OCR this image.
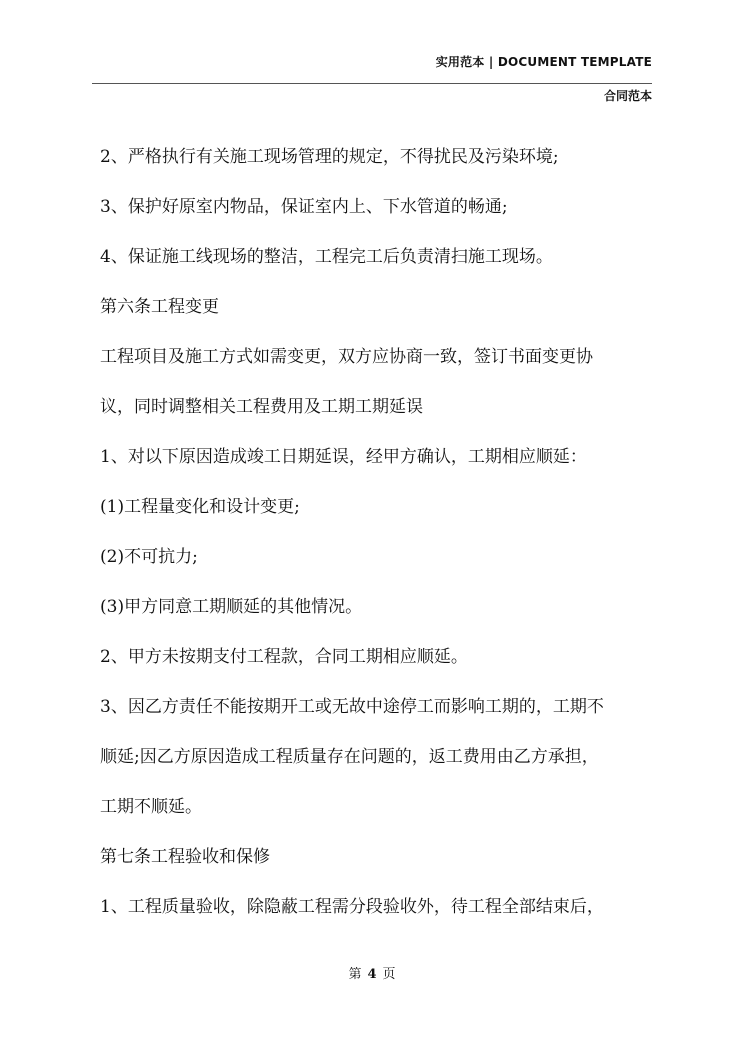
实用范本 | DOCUMENT TEMPLATE
合同范本

2、严格执行有关施工现场管理的规定，不得扰民及污染环境;

3、保护好原室内物品，保证室内上、下水管道的畅通;

4、保证施工线现场的整洁，工程完工后负责清扫施工现场。

第六条工程变更

工程项目及施工方式如需变更，双方应协商一致，签订书面变更协

议，同时调整相关工程费用及工期工期延误

1、对以下原因造成竣工日期延误，经甲方确认，工期相应顺延：

(1)工程量变化和设计变更;

(2)不可抗力;

(3)甲方同意工期顺延的其他情况。

2、甲方未按期支付工程款，合同工期相应顺延。

3、因乙方责任不能按期开工或无故中途停工而影响工期的，工期不

顺延;因乙方原因造成工程质量存在问题的，返工费用由乙方承担，

工期不顺延。

第七条工程验收和保修

1、工程质量验收，除隐蔽工程需分段验收外，待工程全部结束后，

第 4 页
